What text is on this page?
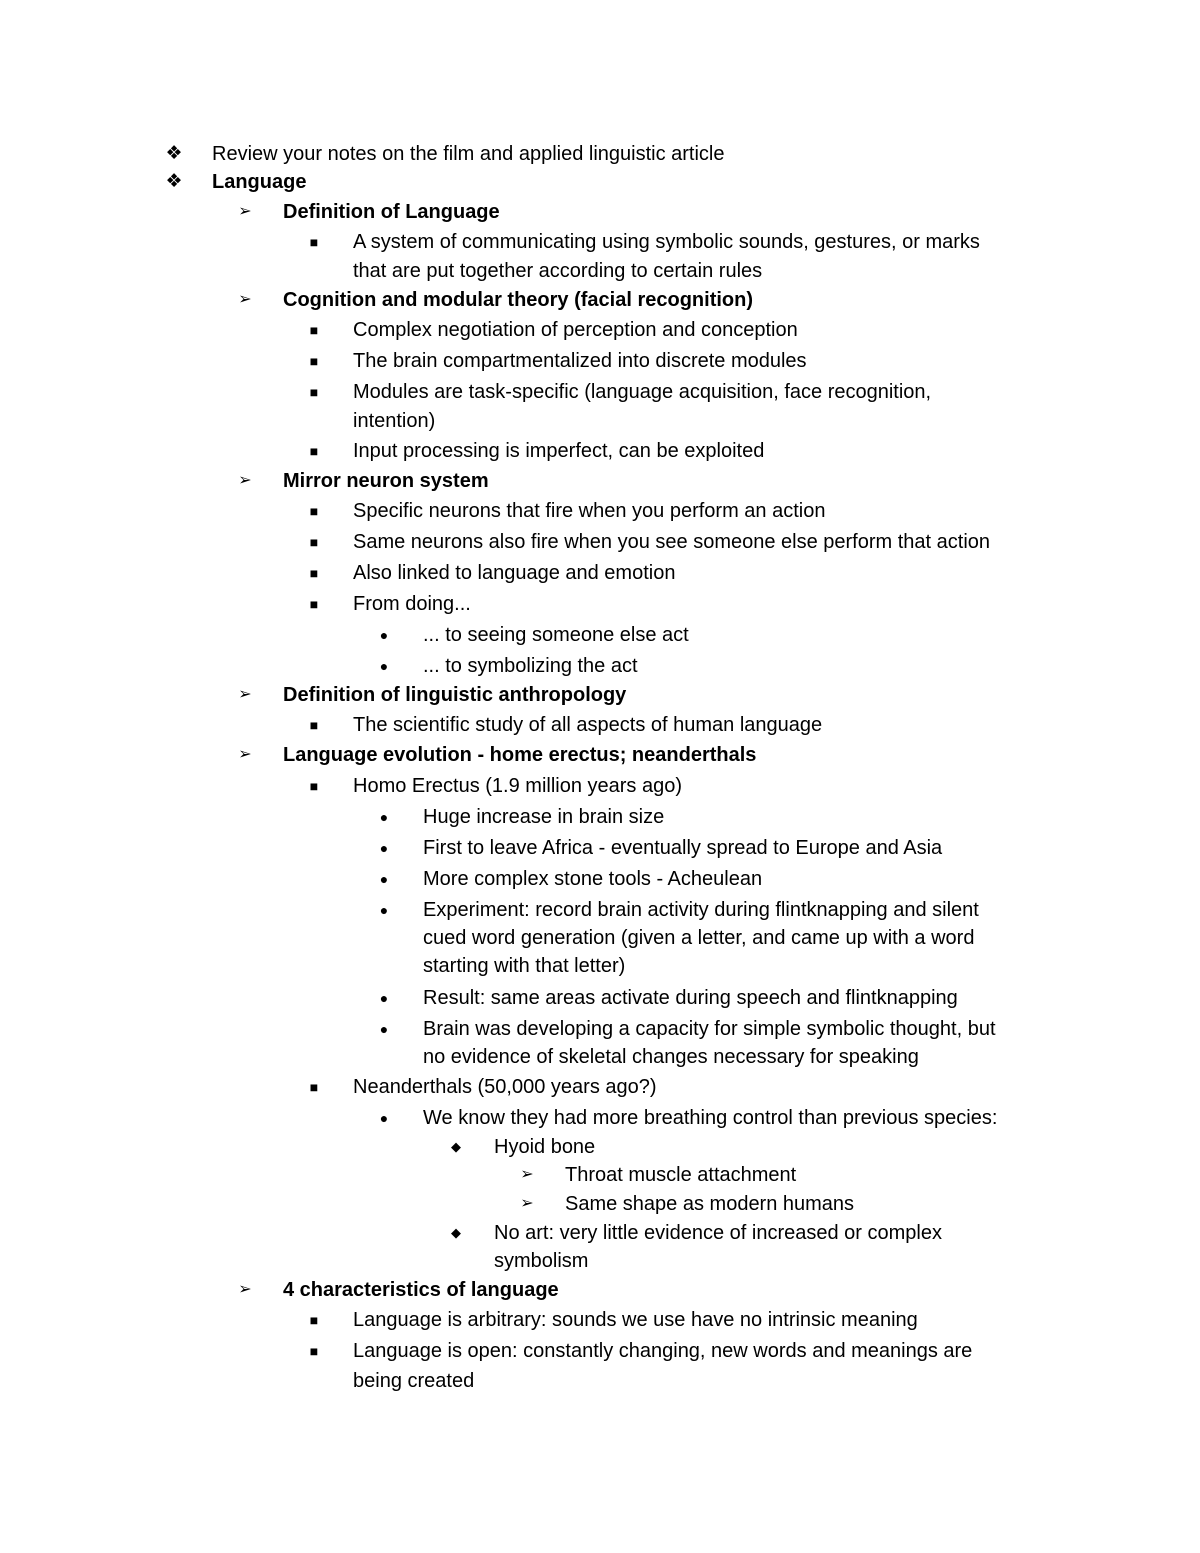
❖ Review your notes on the film and applied linguistic article
❖ Language
➢ Definition of Language
■	A system of communicating using symbolic sounds, gestures, or marks
that are put together according to certain rules
➢ Cognition and modular theory (facial recognition)
■	Complex negotiation of perception and conception
■	The brain compartmentalized into discrete modules
■	Modules are task-specific (language acquisition, face recognition,
intention)
■	Input processing is imperfect, can be exploited
➢ Mirror neuron system
■	Specific neurons that fire when you perform an action
■	Same neurons also fire when you see someone else perform that action
■	Also linked to language and emotion
■	From doing...
●	... to seeing someone else act
●	... to symbolizing the act
➢ Definition of linguistic anthropology
■	The scientific study of all aspects of human language
➢ Language evolution - home erectus; neanderthals
■	Homo Erectus (1.9 million years ago)
●	Huge increase in brain size
●	First to leave Africa - eventually spread to Europe and Asia
●	More complex stone tools - Acheulean
●	Experiment: record brain activity during flintknapping and silent
cued word generation (given a letter, and came up with a word
starting with that letter)
●	Result: same areas activate during speech and flintknapping
●	Brain was developing a capacity for simple symbolic thought, but
no evidence of skeletal changes necessary for speaking
■	Neanderthals (50,000 years ago?)
●	We know they had more breathing control than previous species:
◆	Hyoid bone
➢ Throat muscle attachment
➢ Same shape as modern humans
◆	No art: very little evidence of increased or complex
symbolism
➢ 4 characteristics of language
■	Language is arbitrary: sounds we use have no intrinsic meaning
■	Language is open: constantly changing, new words and meanings are
being created
